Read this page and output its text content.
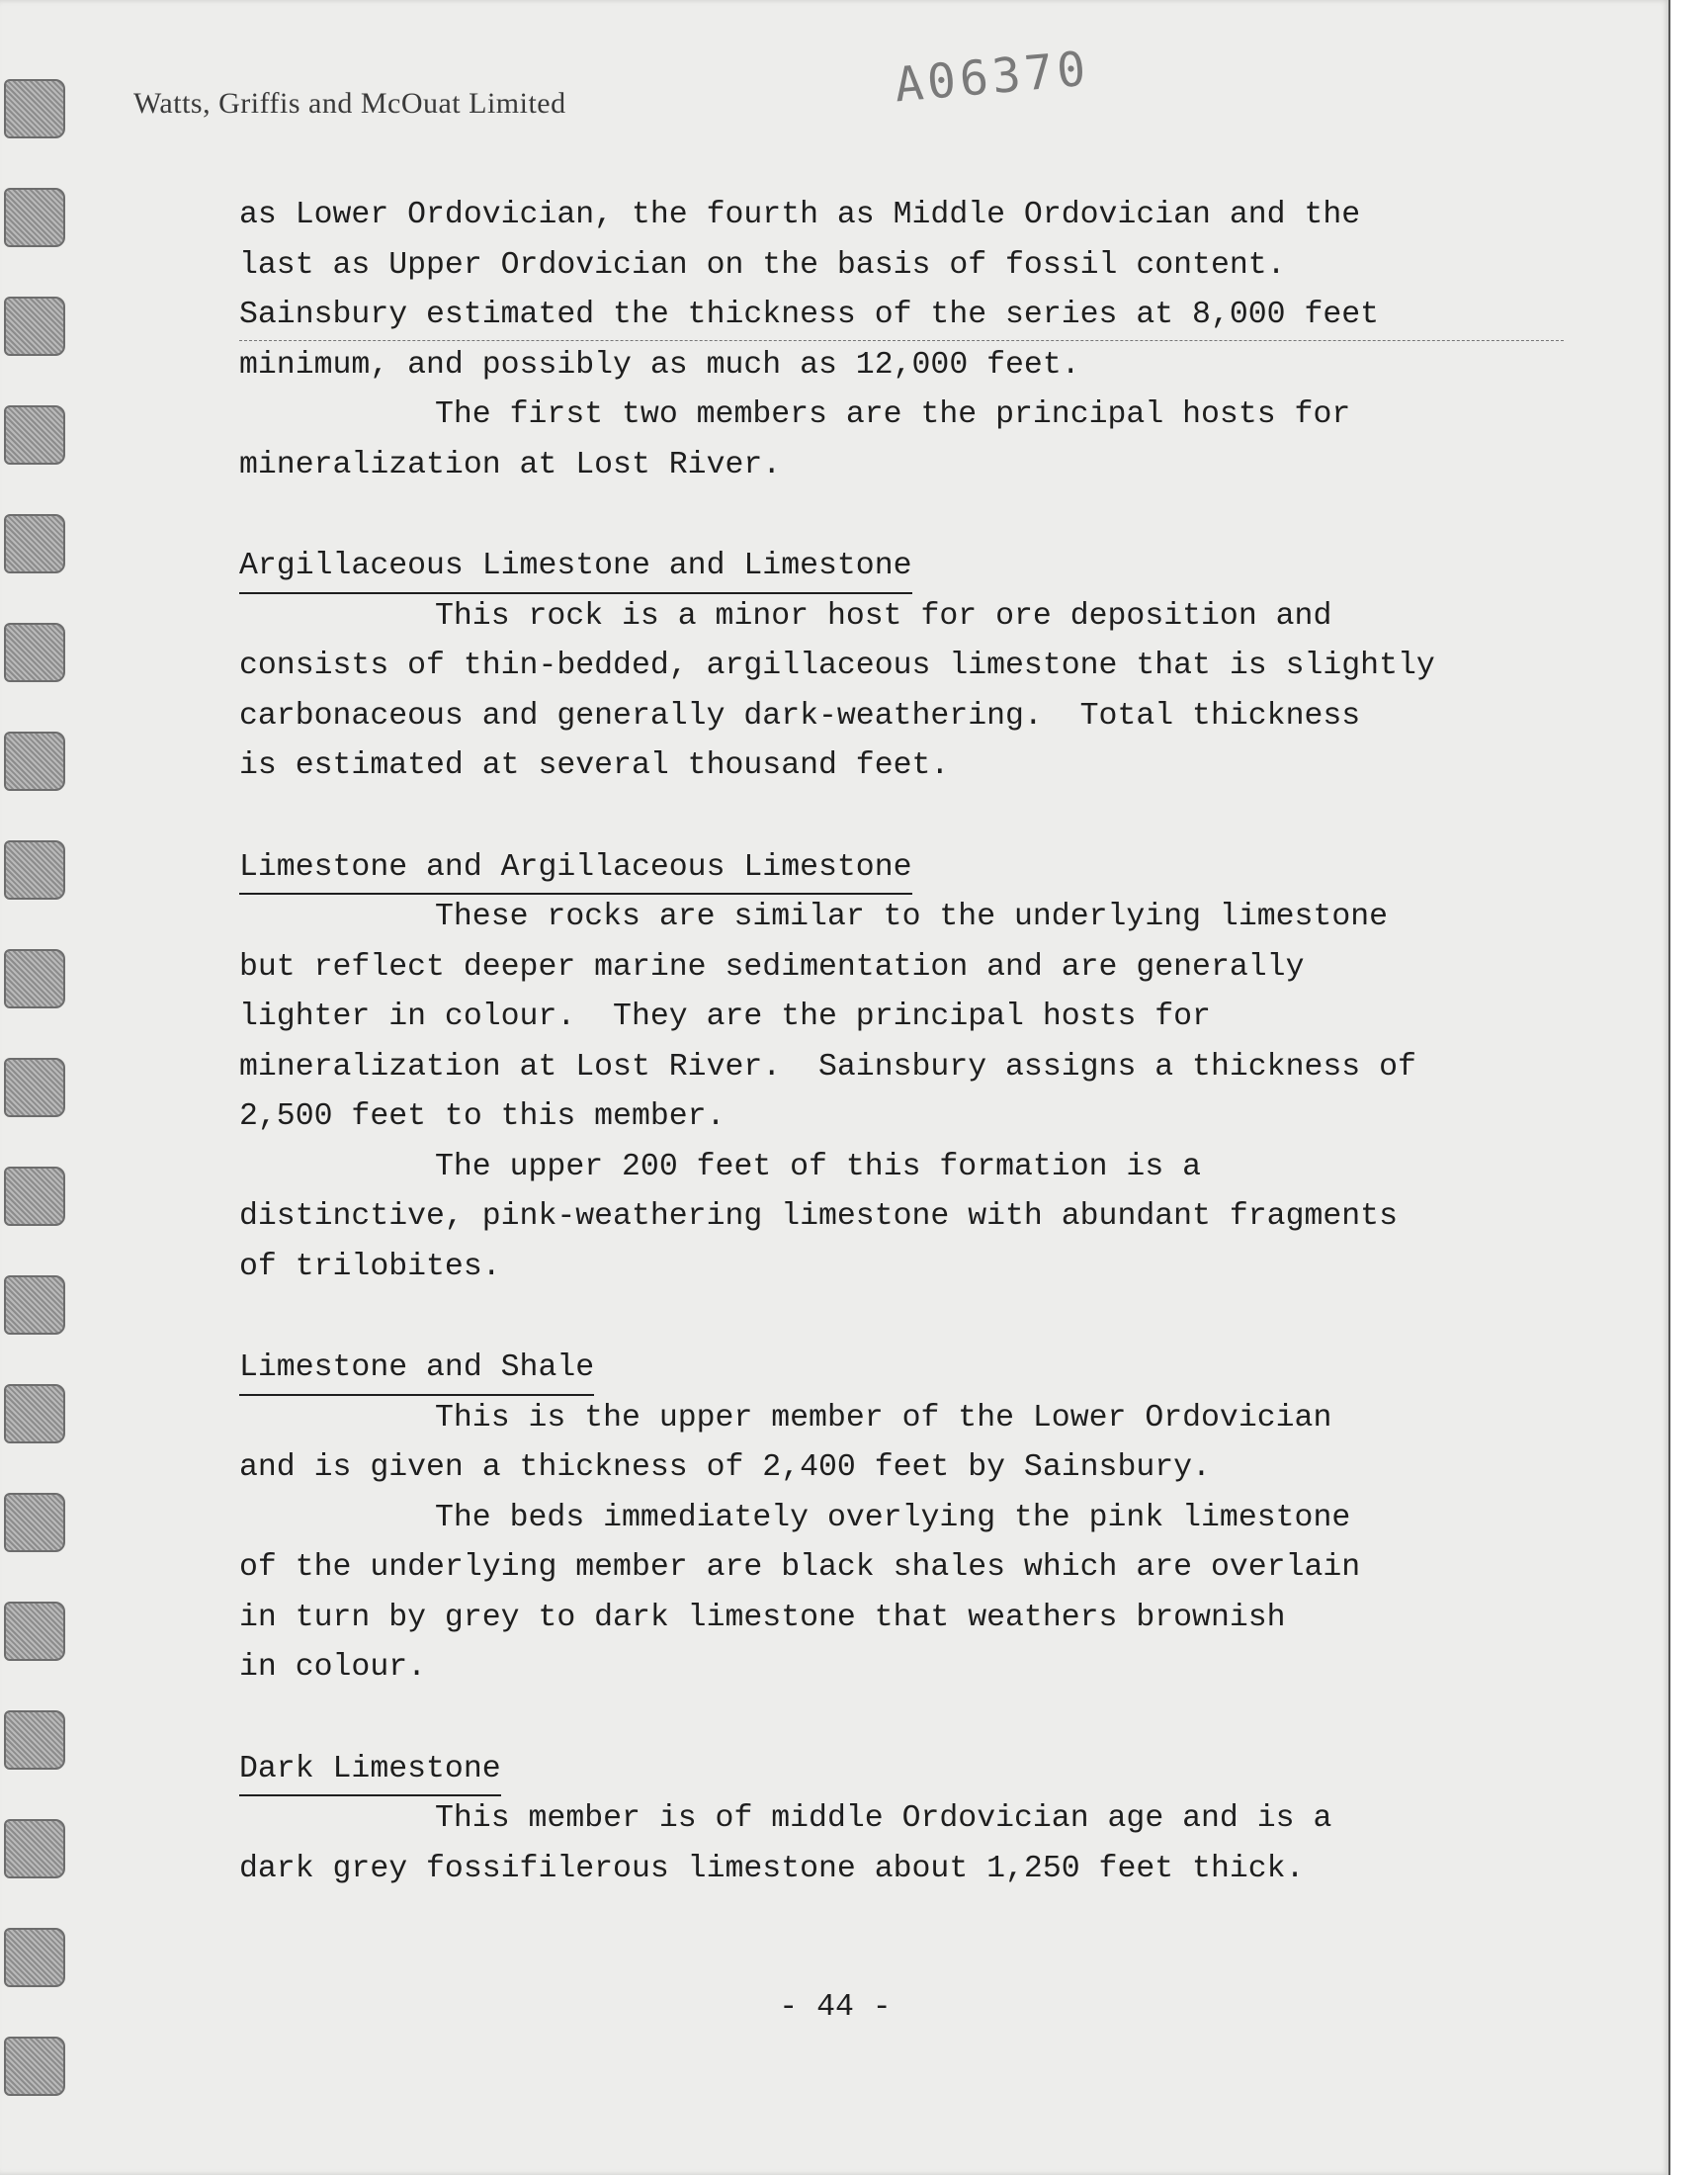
Watts, Griffis and McOuat Limited	A06370
as Lower Ordovician, the fourth as Middle Ordovician and the
last as Upper Ordovician on the basis of fossil content.
Sainsbury estimated the thickness of the series at 8,000 feet
minimum, and possibly as much as 12,000 feet.
The first two members are the principal hosts for
mineralization at Lost River.
Argillaceous Limestone and Limestone
This rock is a minor host for ore deposition and
consists of thin-bedded, argillaceous limestone that is slightly
carbonaceous and generally dark-weathering.  Total thickness
is estimated at several thousand feet.
Limestone and Argillaceous Limestone
These rocks are similar to the underlying limestone
but reflect deeper marine sedimentation and are generally
lighter in colour.  They are the principal hosts for
mineralization at Lost River.  Sainsbury assigns a thickness of
2,500 feet to this member.
The upper 200 feet of this formation is a
distinctive, pink-weathering limestone with abundant fragments
of trilobites.
Limestone and Shale
This is the upper member of the Lower Ordovician
and is given a thickness of 2,400 feet by Sainsbury.
The beds immediately overlying the pink limestone
of the underlying member are black shales which are overlain
in turn by grey to dark limestone that weathers brownish
in colour.
Dark Limestone
This member is of middle Ordovician age and is a
dark grey fossifilerous limestone about 1,250 feet thick.
- 44 -
